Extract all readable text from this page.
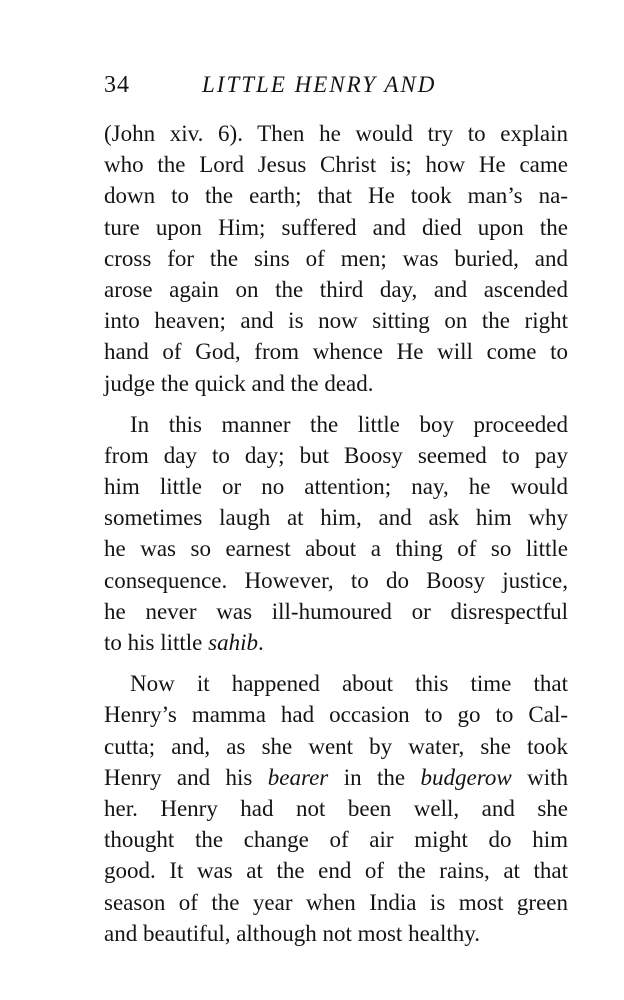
34	LITTLE HENRY AND

(John xiv. 6). Then he would try to explain
who the Lord Jesus Christ is; how He came
down to the earth; that He took man’s na-
ture upon Him; suffered and died upon the
cross for the sins of men; was buried, and
arose again on the third day, and ascended
into heaven; and is now sitting on the right
hand of God, from whence He will come to
judge the quick and the dead.

In this manner the little boy proceeded
from day to day; but Boosy seemed to pay
him little or no attention; nay, he would
sometimes laugh at him, and ask him why
he was so earnest about a thing of so little
consequence. However, to do Boosy justice,
he never was ill-humoured or disrespectful
to his little sahib.

Now it happened about this time that
Henry’s mamma had occasion to go to Cal-
cutta; and, as she went by water, she took
Henry and his bearer in the budgerow with
her. Henry had not been well, and she
thought the change of air might do him
good. It was at the end of the rains, at that
season of the year when India is most green
and beautiful, although not most healthy.
